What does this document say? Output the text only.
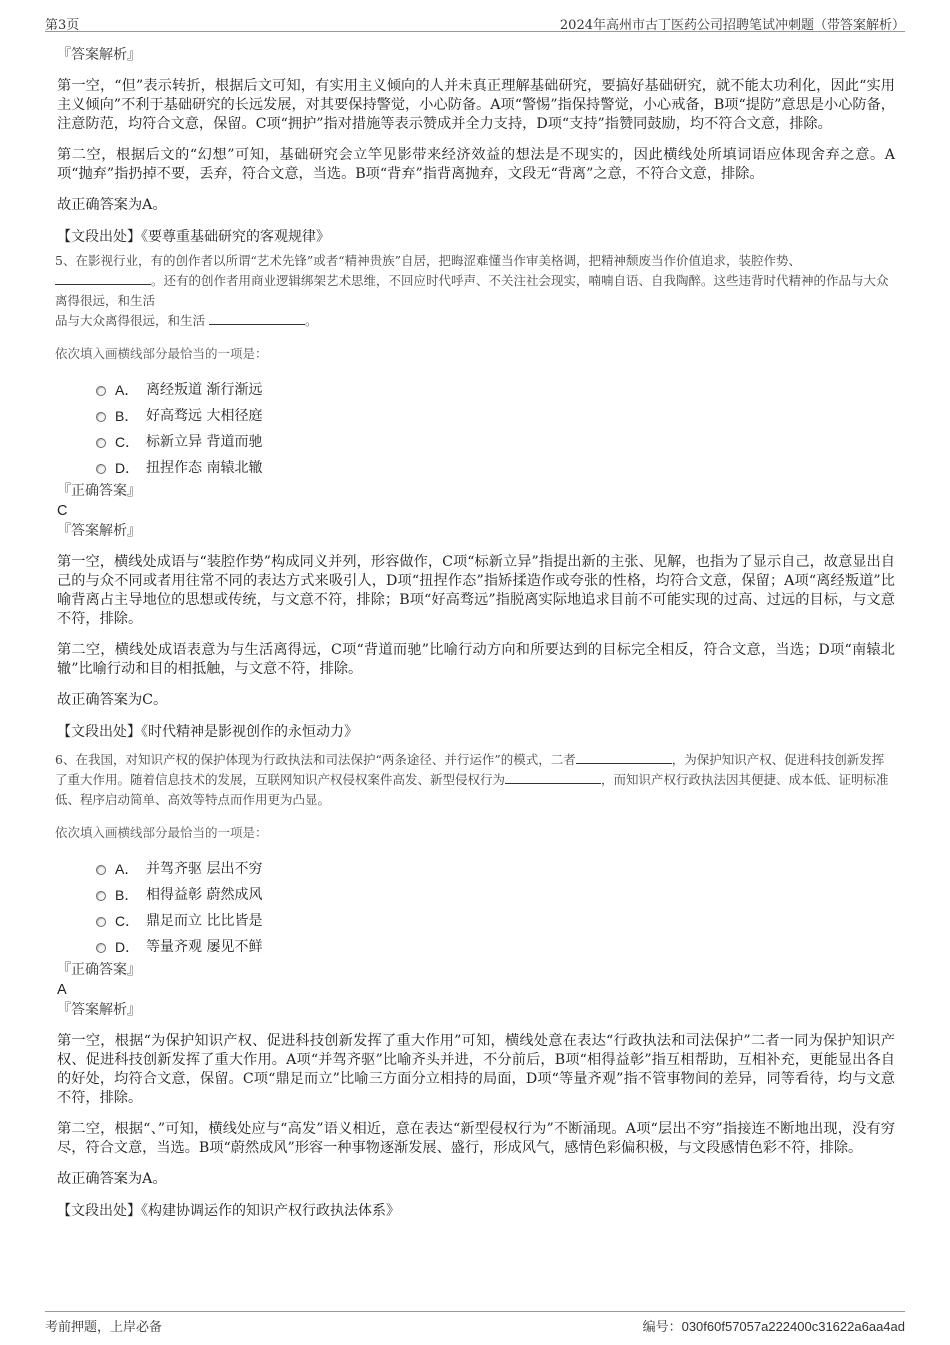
第3页	2024年高州市古丁医药公司招聘笔试冲刺题（带答案解析）
『答案解析』
第一空，“但”表示转折，根据后文可知，有实用主义倾向的人并未真正理解基础研究，要搞好基础研究，就不能太功利化，因此“实用主义倾向”不利于基础研究的长远发展，对其要保持警觉，小心防备。A项“警惕”指保持警觉，小心戒备，B项“提防”意思是小心防备，注意防范，均符合文意，保留。C项“拥护”指对措施等表示赞成并全力支持，D项“支持”指赞同鼓励，均不符合文意，排除。
第二空，根据后文的“幻想”可知，基础研究会立竿见影带来经济效益的想法是不现实的，因此横线处所填词语应体现舍弃之意。A项“抛弃”指扔掉不要，丢弃，符合文意，当选。B项“背弃”指背离抛弃，文段无“背离”之意，不符合文意，排除。
故正确答案为A。
【文段出处】《要尊重基础研究的客观规律》
5、在影视行业，有的创作者以所谓“艺术先锋”或者“精神贵族”自居，把晦涩难懂当作审美格调，把精神颓废当作价值追求，装腔作势、
。还有的创作者用商业逻辑绑架艺术思维，不回应时代呼声、不关注社会现实，喃喃自语、自我陶醉。这些违背时代精神的作品与大众离得很远，和生活
品与大众离得很远，和生活	。
依次填入画横线部分最恰当的一项是：
A． 离经叛道 渐行渐远
B． 好高骛远 大相径庭
C． 标新立异 背道而驰
D． 扭捏作态 南辕北辙
『正确答案』
C
『答案解析』
第一空，横线处成语与“装腔作势”构成同义并列，形容做作，C项“标新立异”指提出新的主张、见解，也指为了显示自己，故意显出自己的与众不同或者用往常不同的表达方式来吸引人，D项“扭捏作态”指矫揉造作或夸张的性格，均符合文意，保留；A项“离经叛道”比喻背离占主导地位的思想或传统，与文意不符，排除；B项“好高骛远”指脱离实际地追求目前不可能实现的过高、过远的目标，与文意不符，排除。
第二空，横线处成语表意为与生活离得远，C项“背道而驰”比喻行动方向和所要达到的目标完全相反，符合文意，当选；D项“南辕北辙”比喻行动和目的相抵触，与文意不符，排除。
故正确答案为C。
【文段出处】《时代精神是影视创作的永恒动力》
6、在我国，对知识产权的保护体现为行政执法和司法保护“两条途径、并行运作”的模式，二者	，为保护知识产权、促进科技创新发挥了重大作用。随着信息技术的发展，互联网知识产权侵权案件高发、新型侵权行为	，而知识产权行政执法因其便捷、成本低、证明标准低、程序启动简单、高效等特点而作用更为凸显。
依次填入画横线部分最恰当的一项是：
A． 并驾齐驱 层出不穷
B． 相得益彰 蔚然成风
C． 鼎足而立 比比皆是
D． 等量齐观 屡见不鲜
『正确答案』
A
『答案解析』
第一空，根据“为保护知识产权、促进科技创新发挥了重大作用”可知，横线处意在表达“行政执法和司法保护”二者一同为保护知识产权、促进科技创新发挥了重大作用。A项“并驾齐驱”比喻齐头并进，不分前后，B项“相得益彰”指互相帮助，互相补充，更能显出各自的好处，均符合文意，保留。C项“鼎足而立”比喻三方面分立相持的局面，D项“等量齐观”指不管事物间的差异，同等看待，均与文意不符，排除。
第二空，根据“、”可知，横线处应与“高发”语义相近，意在表达“新型侵权行为”不断涌现。A项“层出不穷”指接连不断地出现，没有穷尽，符合文意，当选。B项“蔚然成风”形容一种事物逐渐发展、盛行，形成风气，感情色彩偏积极，与文段感情色彩不符，排除。
故正确答案为A。
【文段出处】《构建协调运作的知识产权行政执法体系》
考前押题，上岸必备	编号：030f60f57057a222400c31622a6aa4ad
